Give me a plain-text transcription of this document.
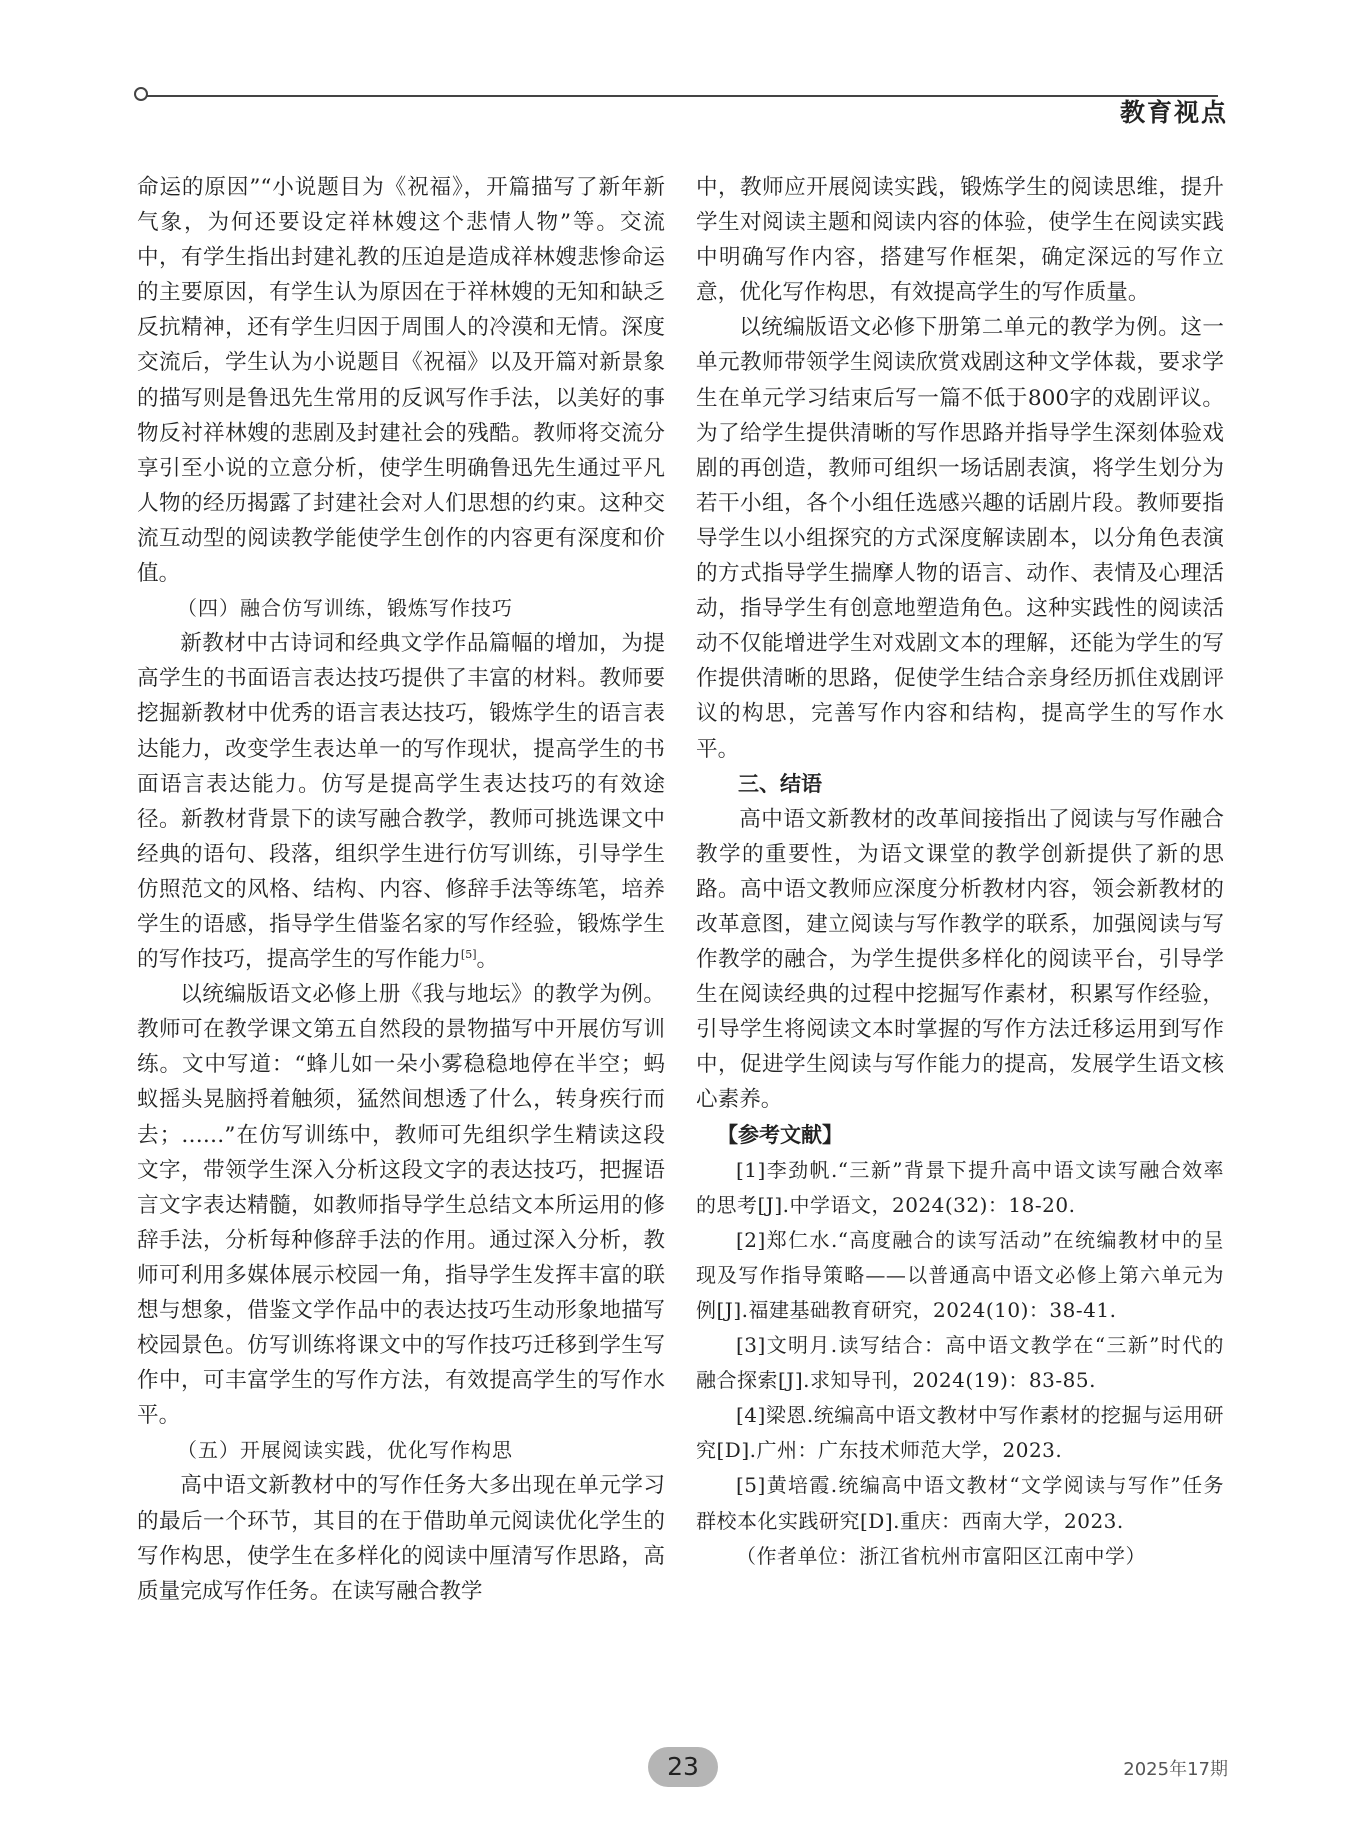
教育视点

命运的原因”“小说题目为《祝福》，开篇描写了新年新气象，为何还要设定祥林嫂这个悲情人物”等。交流中，有学生指出封建礼教的压迫是造成祥林嫂悲惨命运的主要原因，有学生认为原因在于祥林嫂的无知和缺乏反抗精神，还有学生归因于周围人的冷漠和无情。深度交流后，学生认为小说题目《祝福》以及开篇对新景象的描写则是鲁迅先生常用的反讽写作手法，以美好的事物反衬祥林嫂的悲剧及封建社会的残酷。教师将交流分享引至小说的立意分析，使学生明确鲁迅先生通过平凡人物的经历揭露了封建社会对人们思想的约束。这种交流互动型的阅读教学能使学生创作的内容更有深度和价值。

（四）融合仿写训练，锻炼写作技巧

新教材中古诗词和经典文学作品篇幅的增加，为提高学生的书面语言表达技巧提供了丰富的材料。教师要挖掘新教材中优秀的语言表达技巧，锻炼学生的语言表达能力，改变学生表达单一的写作现状，提高学生的书面语言表达能力。仿写是提高学生表达技巧的有效途径。新教材背景下的读写融合教学，教师可挑选课文中经典的语句、段落，组织学生进行仿写训练，引导学生仿照范文的风格、结构、内容、修辞手法等练笔，培养学生的语感，指导学生借鉴名家的写作经验，锻炼学生的写作技巧，提高学生的写作能力[5]。

以统编版语文必修上册《我与地坛》的教学为例。教师可在教学课文第五自然段的景物描写中开展仿写训练。文中写道：“蜂儿如一朵小雾稳稳地停在半空；蚂蚁摇头晃脑捋着触须，猛然间想透了什么，转身疾行而去；……”在仿写训练中，教师可先组织学生精读这段文字，带领学生深入分析这段文字的表达技巧，把握语言文字表达精髓，如教师指导学生总结文本所运用的修辞手法，分析每种修辞手法的作用。通过深入分析，教师可利用多媒体展示校园一角，指导学生发挥丰富的联想与想象，借鉴文学作品中的表达技巧生动形象地描写校园景色。仿写训练将课文中的写作技巧迁移到学生写作中，可丰富学生的写作方法，有效提高学生的写作水平。

（五）开展阅读实践，优化写作构思

高中语文新教材中的写作任务大多出现在单元学习的最后一个环节，其目的在于借助单元阅读优化学生的写作构思，使学生在多样化的阅读中厘清写作思路，高质量完成写作任务。在读写融合教学

中，教师应开展阅读实践，锻炼学生的阅读思维，提升学生对阅读主题和阅读内容的体验，使学生在阅读实践中明确写作内容，搭建写作框架，确定深远的写作立意，优化写作构思，有效提高学生的写作质量。

以统编版语文必修下册第二单元的教学为例。这一单元教师带领学生阅读欣赏戏剧这种文学体裁，要求学生在单元学习结束后写一篇不低于800字的戏剧评议。为了给学生提供清晰的写作思路并指导学生深刻体验戏剧的再创造，教师可组织一场话剧表演，将学生划分为若干小组，各个小组任选感兴趣的话剧片段。教师要指导学生以小组探究的方式深度解读剧本，以分角色表演的方式指导学生揣摩人物的语言、动作、表情及心理活动，指导学生有创意地塑造角色。这种实践性的阅读活动不仅能增进学生对戏剧文本的理解，还能为学生的写作提供清晰的思路，促使学生结合亲身经历抓住戏剧评议的构思，完善写作内容和结构，提高学生的写作水平。

三、结语

高中语文新教材的改革间接指出了阅读与写作融合教学的重要性，为语文课堂的教学创新提供了新的思路。高中语文教师应深度分析教材内容，领会新教材的改革意图，建立阅读与写作教学的联系，加强阅读与写作教学的融合，为学生提供多样化的阅读平台，引导学生在阅读经典的过程中挖掘写作素材，积累写作经验，引导学生将阅读文本时掌握的写作方法迁移运用到写作中，促进学生阅读与写作能力的提高，发展学生语文核心素养。

【参考文献】

[1]李劲帆.“三新”背景下提升高中语文读写融合效率的思考[J].中学语文，2024(32)：18-20.

[2]郑仁水.“高度融合的读写活动”在统编教材中的呈现及写作指导策略——以普通高中语文必修上第六单元为例[J].福建基础教育研究，2024(10)：38-41.

[3]文明月.读写结合：高中语文教学在“三新”时代的融合探索[J].求知导刊，2024(19)：83-85.

[4]梁恩.统编高中语文教材中写作素材的挖掘与运用研究[D].广州：广东技术师范大学，2023.

[5]黄培霞.统编高中语文教材“文学阅读与写作”任务群校本化实践研究[D].重庆：西南大学，2023.

（作者单位：浙江省杭州市富阳区江南中学）

23	2025年17期
